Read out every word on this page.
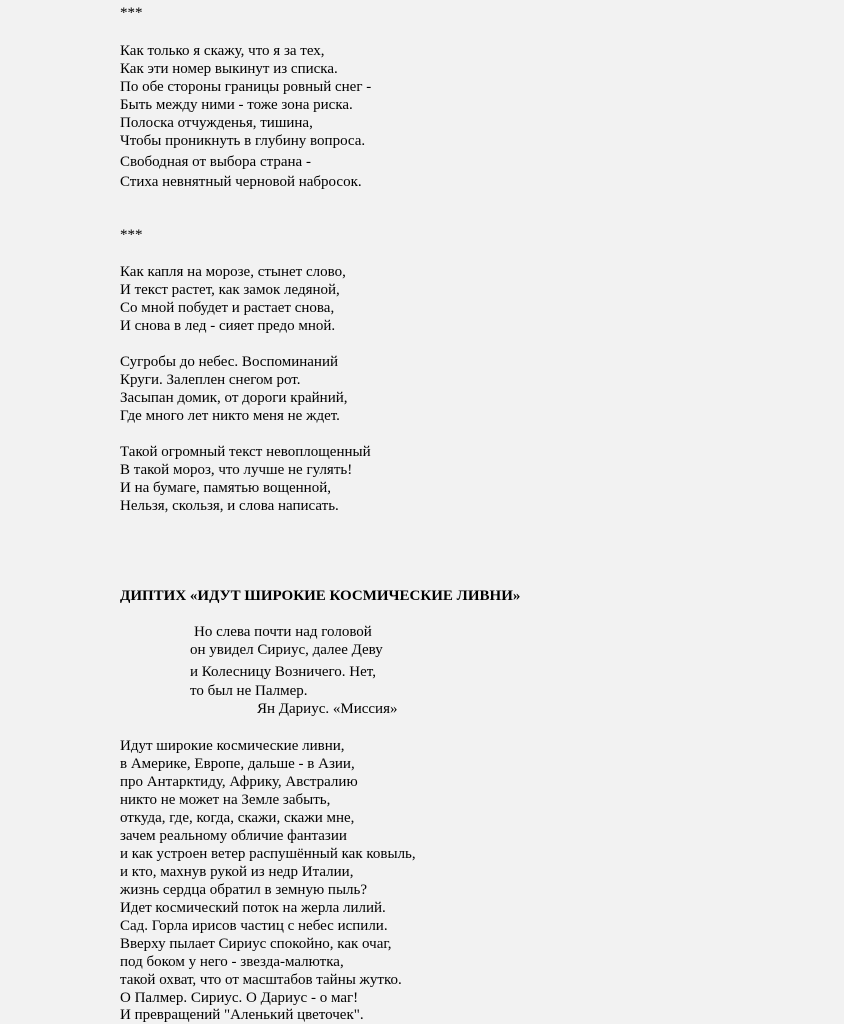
***
Как только я скажу, что я за тех,
Как эти номер выкинут из списка.
По обе стороны границы ровный снег -
Быть между ними - тоже зона риска.
Полоска отчужденья, тишина,
Чтобы проникнуть в глубину вопроса.
Свободная от выбора страна -
Стиха невнятный черновой набросок.
***
Как капля на морозе, стынет слово,
И текст растет, как замок ледяной,
Со мной побудет и растает снова,
И снова в лед - сияет предо мной.
Сугробы до небес. Воспоминаний
Круги. Залеплен снегом рот.
Засыпан домик, от дороги крайний,
Где много лет никто меня не ждет.
Такой огромный текст невоплощенный
В такой мороз, что лучше не гулять!
И на бумаге, памятью вощенной,
Нельзя, скользя, и слова написать.
ДИПТИХ «ИДУТ ШИРОКИЕ КОСМИЧЕСКИЕ ЛИВНИ»
Но слева почти над головой
он увидел Сириус, далее Деву
и Колесницу Возничего. Нет,
то был не Палмер.
Ян Дариус. «Миссия»
Идут широкие космические ливни,
в Америке, Европе, дальше - в Азии,
про Антарктиду, Африку, Австралию
никто не может на Земле забыть,
откуда, где, когда, скажи, скажи мне,
зачем реальному обличие фантазии
и как устроен ветер распушённый как ковыль,
и кто, махнув рукой из недр Италии,
жизнь сердца обратил в земную пыль?
Идет космический поток на жерла лилий.
Сад. Горла ирисов частиц с небес испили.
Вверху пылает Сириус спокойно, как очаг,
под боком у него - звезда-малютка,
такой охват, что от масштабов тайны жутко.
О Палмер. Сириус. О Дариус - о маг!
И превращений "Аленький цветочек".
